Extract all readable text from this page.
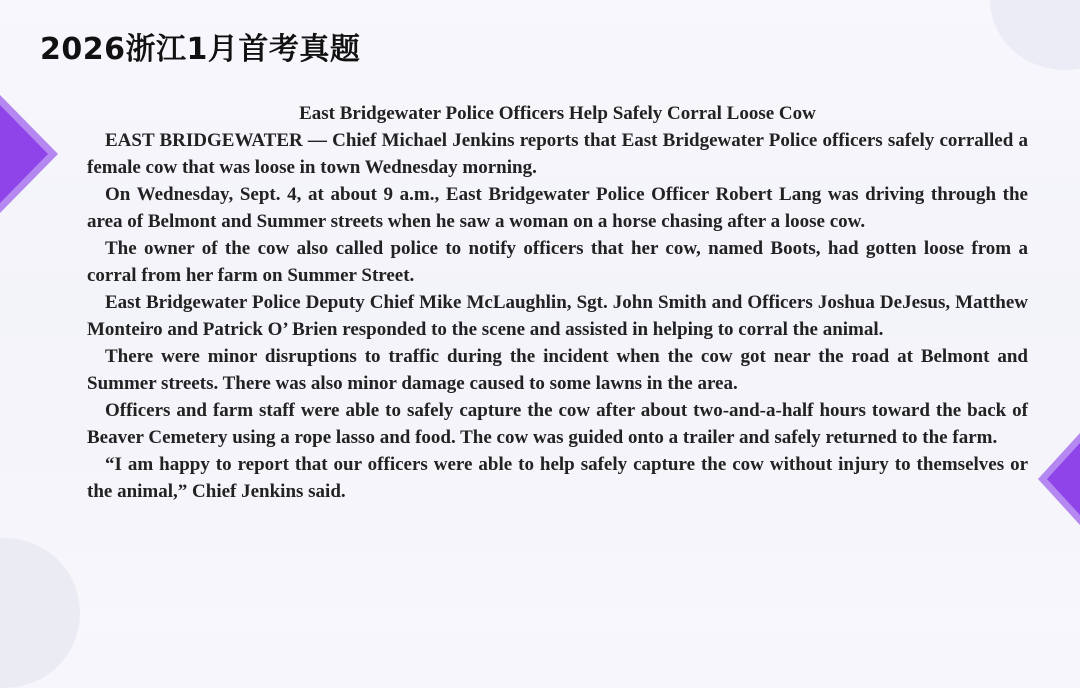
2026浙江1月首考真题
East Bridgewater Police Officers Help Safely Corral Loose Cow

EAST BRIDGEWATER — Chief Michael Jenkins reports that East Bridgewater Police officers safely corralled a female cow that was loose in town Wednesday morning.

On Wednesday, Sept. 4, at about 9 a.m., East Bridgewater Police Officer Robert Lang was driving through the area of Belmont and Summer streets when he saw a woman on a horse chasing after a loose cow.

The owner of the cow also called police to notify officers that her cow, named Boots, had gotten loose from a corral from her farm on Summer Street.

East Bridgewater Police Deputy Chief Mike McLaughlin, Sgt. John Smith and Officers Joshua DeJesus, Matthew Monteiro and Patrick O’ Brien responded to the scene and assisted in helping to corral the animal.

There were minor disruptions to traffic during the incident when the cow got near the road at Belmont and Summer streets. There was also minor damage caused to some lawns in the area.

Officers and farm staff were able to safely capture the cow after about two-and-a-half hours toward the back of Beaver Cemetery using a rope lasso and food. The cow was guided onto a trailer and safely returned to the farm.

“I am happy to report that our officers were able to help safely capture the cow without injury to themselves or the animal,” Chief Jenkins said.
